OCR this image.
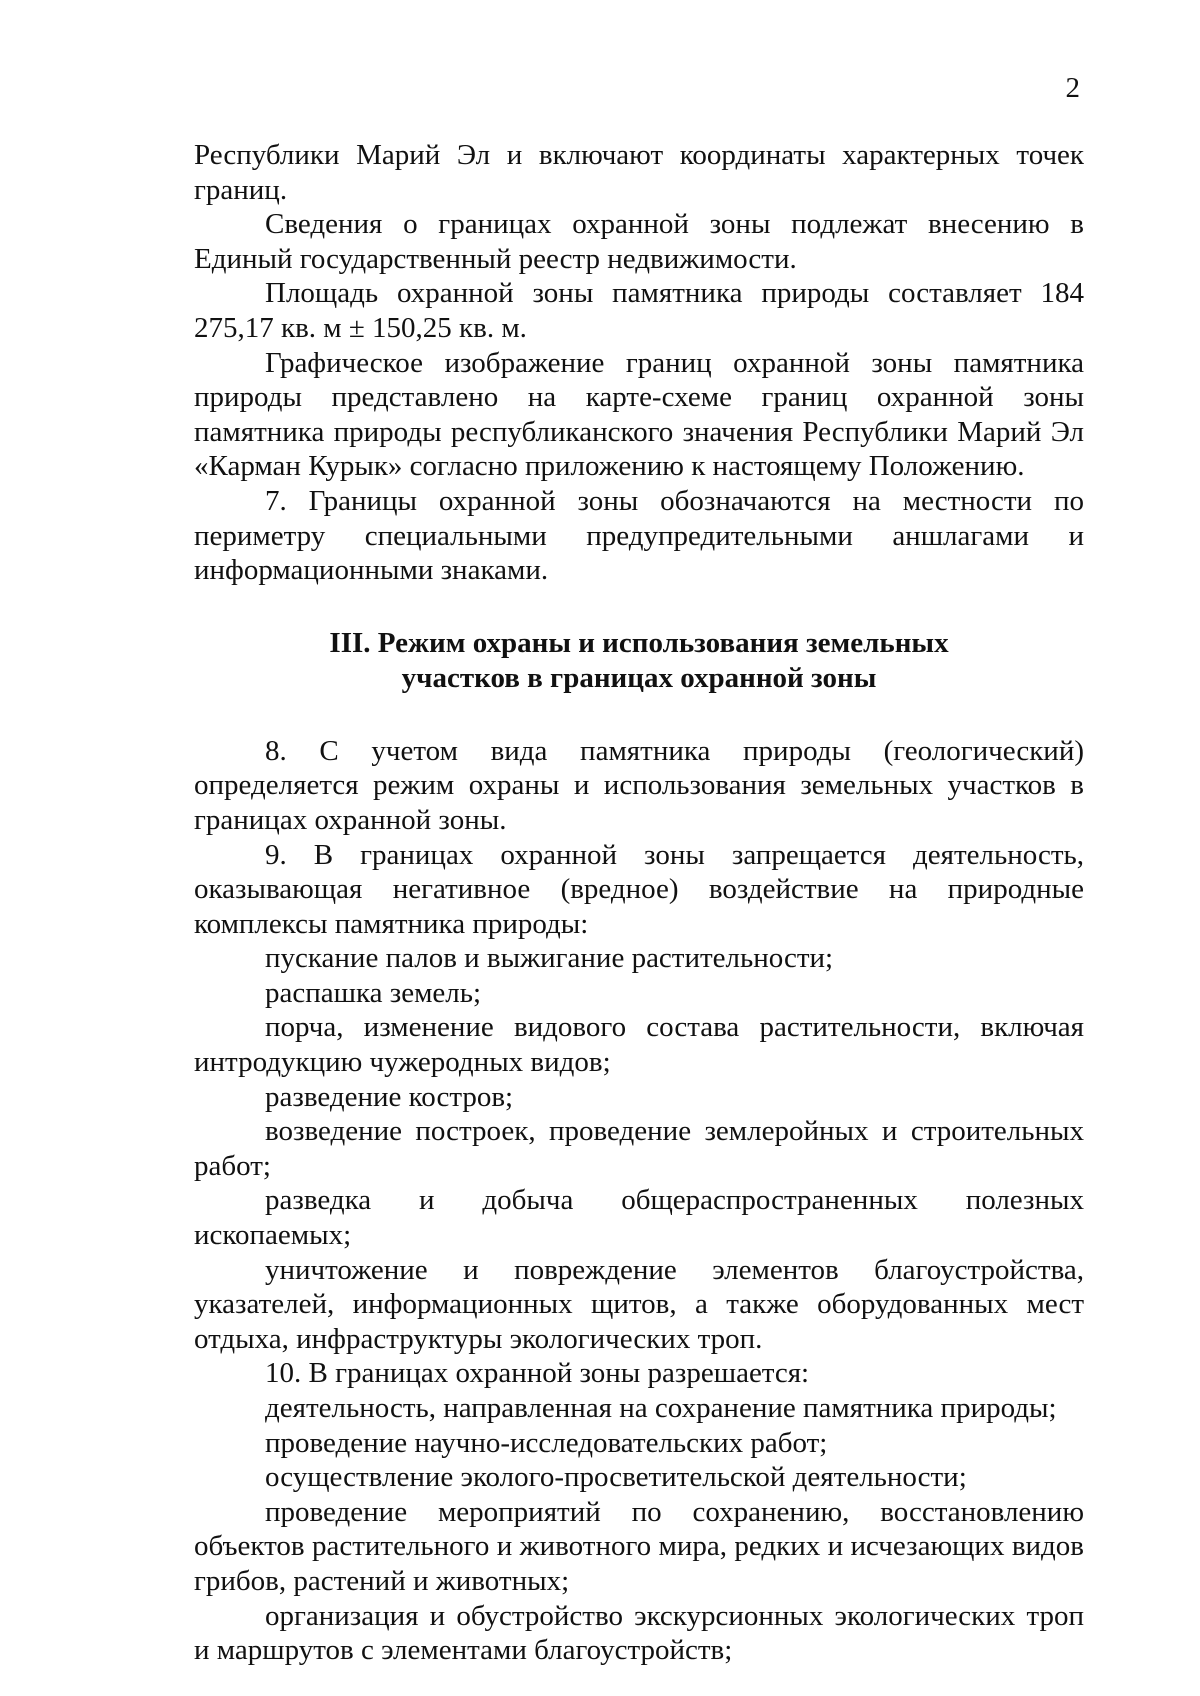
2

Республики Марий Эл и включают координаты характерных точек границ.

Сведения о границах охранной зоны подлежат внесению в Единый государственный реестр недвижимости.

Площадь охранной зоны памятника природы составляет 184 275,17 кв. м ± 150,25 кв. м.

Графическое изображение границ охранной зоны памятника природы представлено на карте-схеме границ охранной зоны памятника природы республиканского значения Республики Марий Эл «Карман Курык» согласно приложению к настоящему Положению.

7. Границы охранной зоны обозначаются на местности по периметру специальными предупредительными аншлагами и информационными знаками.

III. Режим охраны и использования земельных
участков в границах охранной зоны

8. С учетом вида памятника природы (геологический) определяется режим охраны и использования земельных участков в границах охранной зоны.

9. В границах охранной зоны запрещается деятельность, оказывающая негативное (вредное) воздействие на природные комплексы памятника природы:

пускание палов и выжигание растительности;

распашка земель;

порча, изменение видового состава растительности, включая интродукцию чужеродных видов;

разведение костров;

возведение построек, проведение землеройных и строительных работ;

разведка и добыча общераспространенных полезных ископаемых;

уничтожение и повреждение элементов благоустройства, указателей, информационных щитов, а также оборудованных мест отдыха, инфраструктуры экологических троп.

10. В границах охранной зоны разрешается:

деятельность, направленная на сохранение памятника природы;

проведение научно-исследовательских работ;

осуществление эколого-просветительской деятельности;

проведение мероприятий по сохранению, восстановлению объектов растительного и животного мира, редких и исчезающих видов грибов, растений и животных;

организация и обустройство экскурсионных экологических троп и маршрутов с элементами благоустройств;
